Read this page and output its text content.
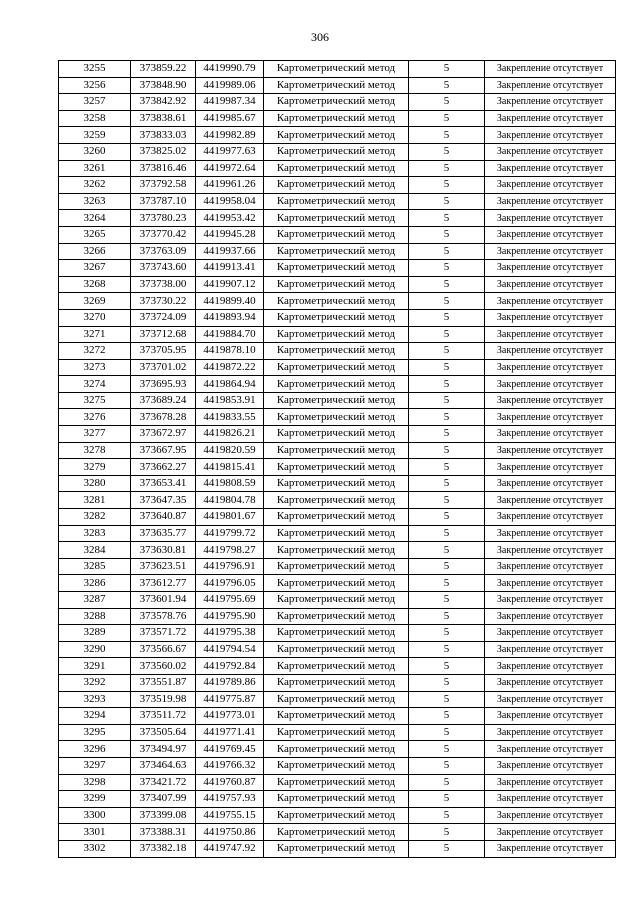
306
3255	373859.22	4419990.79	Картометрический метод	5	Закрепление отсутствует
3256	373848.90	4419989.06	Картометрический метод	5	Закрепление отсутствует
3257	373842.92	4419987.34	Картометрический метод	5	Закрепление отсутствует
3258	373838.61	4419985.67	Картометрический метод	5	Закрепление отсутствует
3259	373833.03	4419982.89	Картометрический метод	5	Закрепление отсутствует
3260	373825.02	4419977.63	Картометрический метод	5	Закрепление отсутствует
3261	373816.46	4419972.64	Картометрический метод	5	Закрепление отсутствует
3262	373792.58	4419961.26	Картометрический метод	5	Закрепление отсутствует
3263	373787.10	4419958.04	Картометрический метод	5	Закрепление отсутствует
3264	373780.23	4419953.42	Картометрический метод	5	Закрепление отсутствует
3265	373770.42	4419945.28	Картометрический метод	5	Закрепление отсутствует
3266	373763.09	4419937.66	Картометрический метод	5	Закрепление отсутствует
3267	373743.60	4419913.41	Картометрический метод	5	Закрепление отсутствует
3268	373738.00	4419907.12	Картометрический метод	5	Закрепление отсутствует
3269	373730.22	4419899.40	Картометрический метод	5	Закрепление отсутствует
3270	373724.09	4419893.94	Картометрический метод	5	Закрепление отсутствует
3271	373712.68	4419884.70	Картометрический метод	5	Закрепление отсутствует
3272	373705.95	4419878.10	Картометрический метод	5	Закрепление отсутствует
3273	373701.02	4419872.22	Картометрический метод	5	Закрепление отсутствует
3274	373695.93	4419864.94	Картометрический метод	5	Закрепление отсутствует
3275	373689.24	4419853.91	Картометрический метод	5	Закрепление отсутствует
3276	373678.28	4419833.55	Картометрический метод	5	Закрепление отсутствует
3277	373672.97	4419826.21	Картометрический метод	5	Закрепление отсутствует
3278	373667.95	4419820.59	Картометрический метод	5	Закрепление отсутствует
3279	373662.27	4419815.41	Картометрический метод	5	Закрепление отсутствует
3280	373653.41	4419808.59	Картометрический метод	5	Закрепление отсутствует
3281	373647.35	4419804.78	Картометрический метод	5	Закрепление отсутствует
3282	373640.87	4419801.67	Картометрический метод	5	Закрепление отсутствует
3283	373635.77	4419799.72	Картометрический метод	5	Закрепление отсутствует
3284	373630.81	4419798.27	Картометрический метод	5	Закрепление отсутствует
3285	373623.51	4419796.91	Картометрический метод	5	Закрепление отсутствует
3286	373612.77	4419796.05	Картометрический метод	5	Закрепление отсутствует
3287	373601.94	4419795.69	Картометрический метод	5	Закрепление отсутствует
3288	373578.76	4419795.90	Картометрический метод	5	Закрепление отсутствует
3289	373571.72	4419795.38	Картометрический метод	5	Закрепление отсутствует
3290	373566.67	4419794.54	Картометрический метод	5	Закрепление отсутствует
3291	373560.02	4419792.84	Картометрический метод	5	Закрепление отсутствует
3292	373551.87	4419789.86	Картометрический метод	5	Закрепление отсутствует
3293	373519.98	4419775.87	Картометрический метод	5	Закрепление отсутствует
3294	373511.72	4419773.01	Картометрический метод	5	Закрепление отсутствует
3295	373505.64	4419771.41	Картометрический метод	5	Закрепление отсутствует
3296	373494.97	4419769.45	Картометрический метод	5	Закрепление отсутствует
3297	373464.63	4419766.32	Картометрический метод	5	Закрепление отсутствует
3298	373421.72	4419760.87	Картометрический метод	5	Закрепление отсутствует
3299	373407.99	4419757.93	Картометрический метод	5	Закрепление отсутствует
3300	373399.08	4419755.15	Картометрический метод	5	Закрепление отсутствует
3301	373388.31	4419750.86	Картометрический метод	5	Закрепление отсутствует
3302	373382.18	4419747.92	Картометрический метод	5	Закрепление отсутствует
